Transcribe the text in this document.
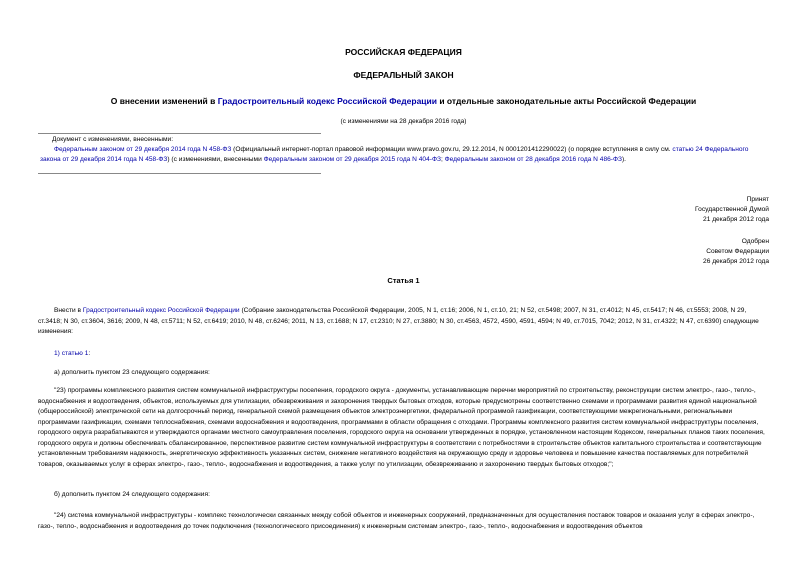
РОССИЙСКАЯ ФЕДЕРАЦИЯ
ФЕДЕРАЛЬНЫЙ ЗАКОН
О внесении изменений в Градостроительный кодекс Российской Федерации и отдельные законодательные акты Российской Федерации
(с изменениями на 28 декабря 2016 года)
Документ с изменениями, внесенными:
Федеральным законом от 29 декабря 2014 года N 458-ФЗ (Официальный интернет-портал правовой информации www.pravo.gov.ru, 29.12.2014, N 0001201412290022) (о порядке вступления в силу см. статью 24 Федерального закона от 29 декабря 2014 года N 458-ФЗ) (с изменениями, внесенными Федеральным законом от 29 декабря 2015 года N 404-ФЗ; Федеральным законом от 28 декабря 2016 года N 486-ФЗ).
Принят
Государственной Думой
21 декабря 2012 года
Одобрен
Советом Федерации
26 декабря 2012 года
Статья 1
Внести в Градостроительный кодекс Российской Федерации (Собрание законодательства Российской Федерации, 2005, N 1, ст.16; 2006, N 1, ст.10, 21; N 52, ст.5498; 2007, N 31, ст.4012; N 45, ст.5417; N 46, ст.5553; 2008, N 29, ст.3418; N 30, ст.3604, 3616; 2009, N 48, ст.5711; N 52, ст.6419; 2010, N 48, ст.6246; 2011, N 13, ст.1688; N 17, ст.2310; N 27, ст.3880; N 30, ст.4563, 4572, 4590, 4591, 4594; N 49, ст.7015, 7042; 2012, N 31, ст.4322; N 47, ст.6390) следующие изменения:
1) статью 1:
а) дополнить пунктом 23 следующего содержания:
"23) программы комплексного развития систем коммунальной инфраструктуры поселения, городского округа - документы, устанавливающие перечни мероприятий по строительству, реконструкции систем электро-, газо-, тепло-, водоснабжения и водоотведения, объектов, используемых для утилизации, обезвреживания и захоронения твердых бытовых отходов, которые предусмотрены соответственно схемами и программами развития единой национальной (общероссийской) электрической сети на долгосрочный период, генеральной схемой размещения объектов электроэнергетики, федеральной программой газификации, соответствующими межрегиональными, региональными программами газификации, схемами теплоснабжения, схемами водоснабжения и водоотведения, программами в области обращения с отходами. Программы комплексного развития систем коммунальной инфраструктуры поселения, городского округа разрабатываются и утверждаются органами местного самоуправления поселения, городского округа на основании утвержденных в порядке, установленном настоящим Кодексом, генеральных планов таких поселения, городского округа и должны обеспечивать сбалансированное, перспективное развитие систем коммунальной инфраструктуры в соответствии с потребностями в строительстве объектов капитального строительства и соответствующие установленным требованиям надежность, энергетическую эффективность указанных систем, снижение негативного воздействия на окружающую среду и здоровье человека и повышение качества поставляемых для потребителей товаров, оказываемых услуг в сферах электро-, газо-, тепло-, водоснабжения и водоотведения, а также услуг по утилизации, обезвреживанию и захоронению твердых бытовых отходов;";
б) дополнить пунктом 24 следующего содержания:
"24) система коммунальной инфраструктуры - комплекс технологически связанных между собой объектов и инженерных сооружений, предназначенных для осуществления поставок товаров и оказания услуг в сферах электро-, газо-, тепло-, водоснабжения и водоотведения до точек подключения (технологического присоединения) к инженерным системам электро-, газо-, тепло-, водоснабжения и водоотведения объектов
